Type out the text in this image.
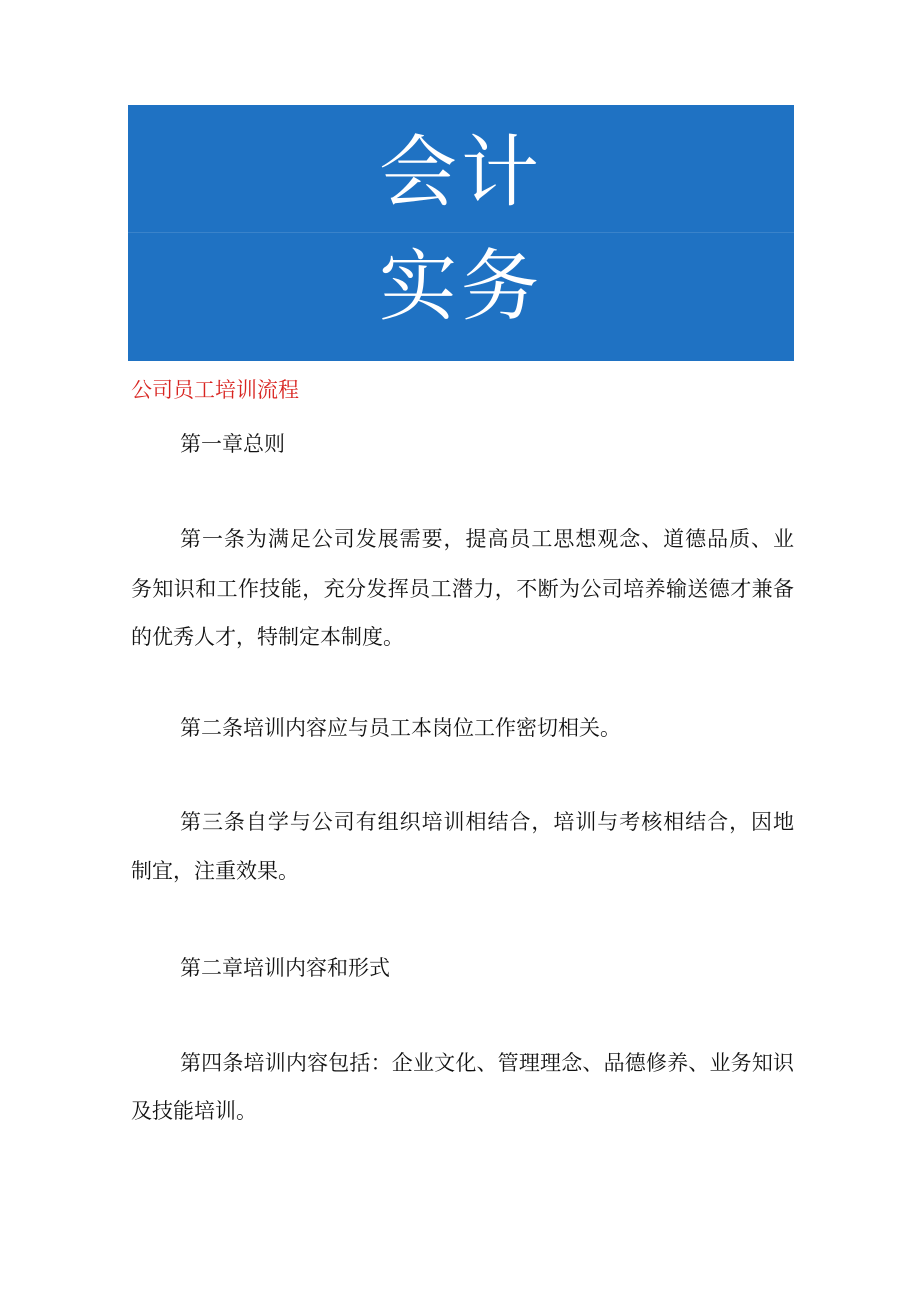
会计
实务
公司员工培训流程
第一章总则
第一条为满足公司发展需要，提高员工思想观念、道德品质、业
务知识和工作技能，充分发挥员工潜力，不断为公司培养输送德才兼备
的优秀人才，特制定本制度。
第二条培训内容应与员工本岗位工作密切相关。
第三条自学与公司有组织培训相结合，培训与考核相结合，因地
制宜，注重效果。
第二章培训内容和形式
第四条培训内容包括：企业文化、管理理念、品德修养、业务知识
及技能培训。
